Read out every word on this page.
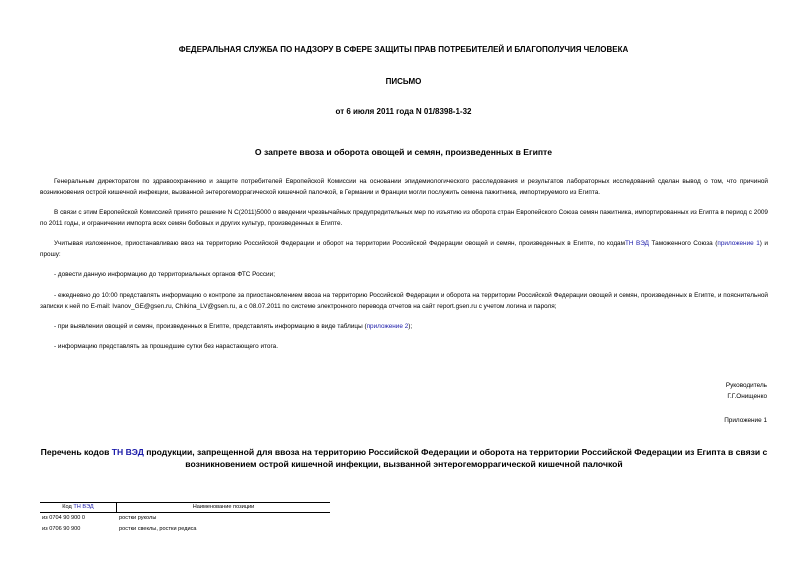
ФЕДЕРАЛЬНАЯ СЛУЖБА ПО НАДЗОРУ В СФЕРЕ ЗАЩИТЫ ПРАВ ПОТРЕБИТЕЛЕЙ И БЛАГОПОЛУЧИЯ ЧЕЛОВЕКА
ПИСЬМО
от 6 июля 2011 года N 01/8398-1-32
О запрете ввоза и оборота овощей и семян, произведенных в Египте
Генеральным директоратом по здравоохранению и защите потребителей Европейской Комиссии на основании эпидемиологического расследования и результатов лабораторных исследований сделан вывод о том, что причиной возникновения острой кишечной инфекции, вызванной энтерогеморрагической кишечной палочкой, в Германии и Франции могли послужить семена пажитника, импортируемого из Египта.
В связи с этим Европейской Комиссией принято решение N С(2011)5000 о введении чрезвычайных предупредительных мер по изъятию из оборота стран Европейского Союза семян пажитника, импортированных из Египта в период с 2009 по 2011 годы, и ограничении импорта всех семян бобовых и других культур, произведенных в Египте.
Учитывая изложенное, приостанавливаю ввоз на территорию Российской Федерации и оборот на территории Российской Федерации овощей и семян, произведенных в Египте, по кодамТН ВЭД Таможенного Союза (приложение 1) и прошу:
- довести данную информацию до территориальных органов ФТС России;
- ежедневно до 10:00 представлять информацию о контроле за приостановлением ввоза на территорию Российской Федерации и оборота на территории Российской Федерации овощей и семян, произведенных в Египте, и пояснительной записки к ней по E-mail: Ivanov_GE@gsen.ru, Chikina_LV@gsen.ru, а с 08.07.2011 по системе электронного перевода отчетов на сайт report.gsen.ru с учетом логина и пароля;
- при выявлении овощей и семян, произведенных в Египте, представлять информацию в виде таблицы (приложение 2);
- информацию представлять за прошедшие сутки без нарастающего итога.
Руководитель
Г.Г.Онищенко
Приложение 1
Перечень кодов ТН ВЭД продукции, запрещенной для ввоза на территорию Российской Федерации и оборота на территории Российской Федерации из Египта в связи с возникновением острой кишечной инфекции, вызванной энтерогеморрагической кишечной палочкой
Код ТН ВЭД	Наименование позиции
из 0704 90 900 0	ростки руколы
из 0706 90 900	ростки свеклы, ростки редиса
